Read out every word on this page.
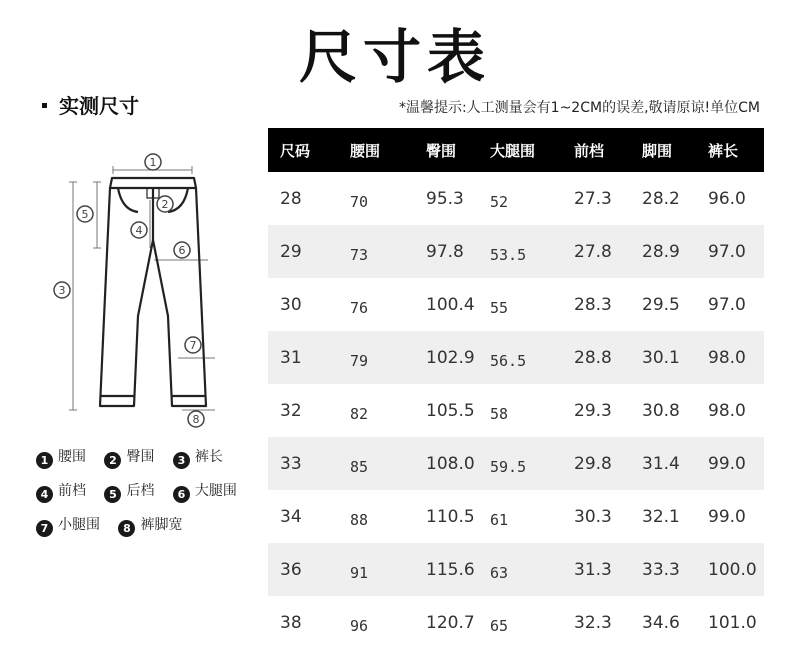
尺寸表
实测尺寸	*温馨提示:人工测量会有1~2CM的误差,敬请原谅!单位CM
1
2
3
4
5
6
7
8
1 腰围 2 臀围 3 裤长
4 前档 5 后档 6 大腿围
7 小腿围 8 裤脚宽
尺码	腰围	臀围	大腿围	前档	脚围	裤长
28	70	95.3	52	27.3	28.2	96.0
29	73	97.8	53.5	27.8	28.9	97.0
30	76	100.4	55	28.3	29.5	97.0
31	79	102.9	56.5	28.8	30.1	98.0
32	82	105.5	58	29.3	30.8	98.0
33	85	108.0	59.5	29.8	31.4	99.0
34	88	110.5	61	30.3	32.1	99.0
36	91	115.6	63	31.3	33.3	100.0
38	96	120.7	65	32.3	34.6	101.0
